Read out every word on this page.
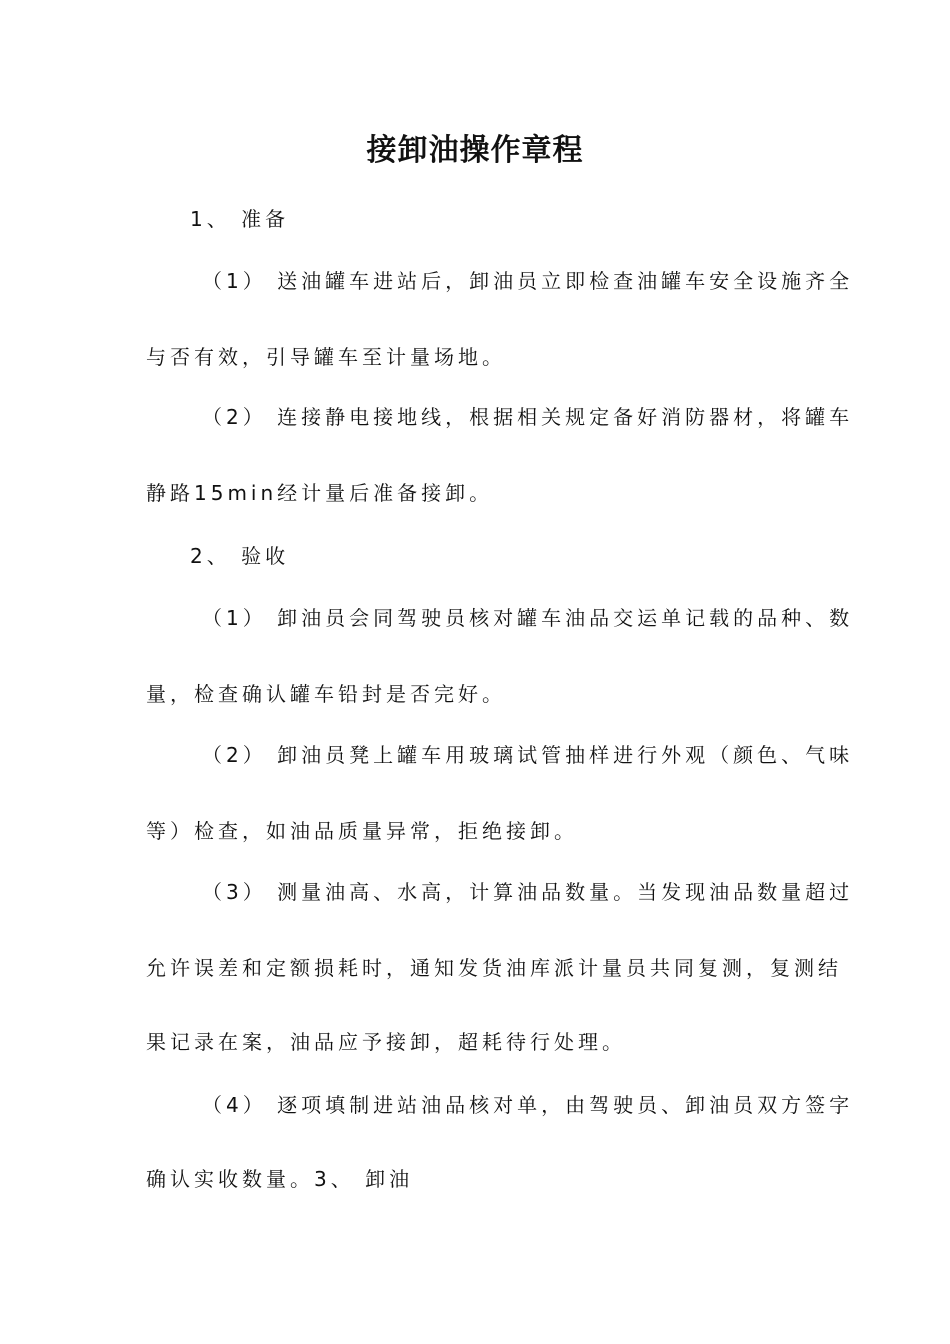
接卸油操作章程
1、 准备
（1） 送油罐车进站后，卸油员立即检查油罐车安全设施齐全
与否有效，引导罐车至计量场地。
（2） 连接静电接地线，根据相关规定备好消防器材，将罐车
静路15min经计量后准备接卸。
2、 验收
（1） 卸油员会同驾驶员核对罐车油品交运单记载的品种、数
量，检查确认罐车铅封是否完好。
（2） 卸油员凳上罐车用玻璃试管抽样进行外观（颜色、气味
等）检查，如油品质量异常，拒绝接卸。
（3） 测量油高、水高，计算油品数量。当发现油品数量超过
允许误差和定额损耗时，通知发货油库派计量员共同复测，复测结
果记录在案，油品应予接卸，超耗待行处理。
（4） 逐项填制进站油品核对单，由驾驶员、卸油员双方签字
确认实收数量。3、 卸油
